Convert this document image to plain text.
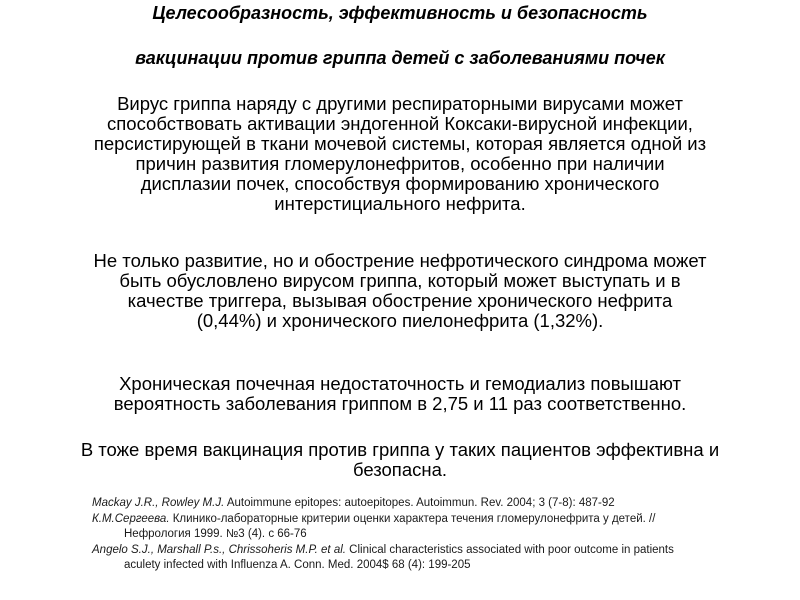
Целесообразность, эффективность и безопасность
вакцинации против гриппа детей с заболеваниями почек
Вирус гриппа наряду с другими респираторными вирусами может
способствовать активации эндогенной Коксаки-вирусной инфекции,
персистирующей в ткани мочевой системы, которая является одной из
причин развития гломерулонефритов, особенно при наличии
дисплазии почек, способствуя формированию хронического
интерстициального нефрита.
Не только развитие, но и обострение нефротического синдрома может
быть обусловлено вирусом гриппа, который может выступать и в
качестве триггера, вызывая обострение хронического нефрита
(0,44%) и хронического пиелонефрита (1,32%).
Хроническая почечная недостаточность и гемодиализ повышают
вероятность заболевания гриппом в 2,75 и 11 раз соответственно.
В тоже время вакцинация против гриппа у таких пациентов эффективна и
безопасна.
Mackay J.R., Rowley M.J. Autoimmune epitopes: autoepitopes. Autoimmun. Rev. 2004; 3 (7-8): 487-92
К.М.Сергеева. Клинико-лабораторные критерии оценки характера течения гломерулонефрита у детей. //
Нефрология 1999. №3 (4). с 66-76
Angelo S.J., Marshall P.s., Chrissoheris M.P. et al. Clinical characteristics associated with poor outcome in patients
aculety infected with Influenza A. Conn. Med. 2004$ 68 (4): 199-205
